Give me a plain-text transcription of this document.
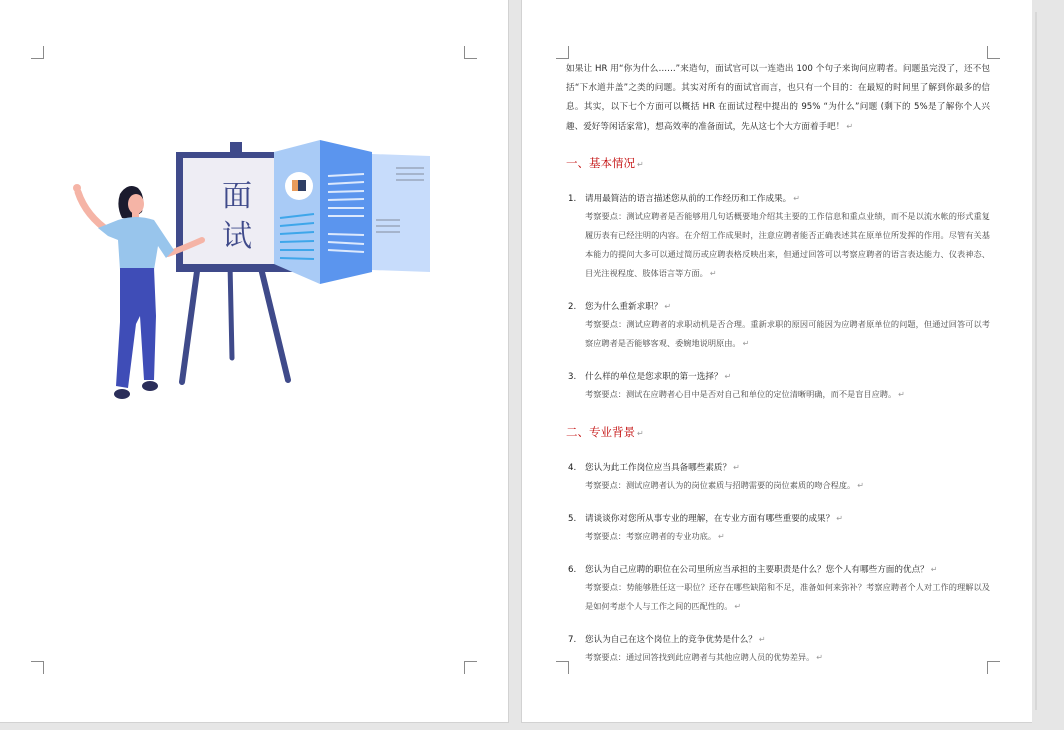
面
试

如果让 HR 用“你为什么……”来造句，面试官可以一连造出 100 个句子来询问应聘者。问题虽完没了，还不包括“下水道井盖”之类的问题。其实对所有的面试官而言，也只有一个目的：在最短的时间里了解到你最多的信息。其实，以下七个方面可以概括 HR 在面试过程中提出的 95% “为什么”问题 (剩下的 5%是了解你个人兴趣、爱好等闲话家常)，想高效率的准备面试，先从这七个大方面着手吧！ ↵

一、基本情况 ↵
1. 请用最简洁的语言描述您从前的工作经历和工作成果。 ↵

考察要点：测试应聘者是否能够用几句话概要地介绍其主要的工作信息和重点业绩，而不是以流水帐的形式重复履历表有已经注明的内容。在介绍工作成果时，注意应聘者能否正确表述其在原单位所发挥的作用。尽管有关基本能力的提问大多可以通过简历或应聘表格反映出来，但通过回答可以考察应聘者的语言表达能力、仪表神态、目光注视程度、肢体语言等方面。 ↵

2. 您为什么重新求职？ ↵

考察要点：测试应聘者的求职动机是否合理。重新求职的原因可能因为应聘者原单位的问题，但通过回答可以考察应聘者是否能够客观、委婉地说明原由。 ↵

3. 什么样的单位是您求职的第一选择？ ↵

考察要点：测试在应聘者心目中是否对自己和单位的定位清晰明确，而不是盲目应聘。 ↵

二、专业背景 ↵
4. 您认为此工作岗位应当具备哪些素质？ ↵

考察要点：测试应聘者认为的岗位素质与招聘需要的岗位素质的吻合程度。 ↵

5. 请谈谈你对您所从事专业的理解，在专业方面有哪些重要的成果？ ↵

考察要点：考察应聘者的专业功底。 ↵

6. 您认为自己应聘的职位在公司里所应当承担的主要职责是什么？您个人有哪些方面的优点？ ↵

考察要点：势能够胜任这一职位？还存在哪些缺陷和不足，准备如何来弥补？考察应聘者个人对工作的理解以及是如何考虑个人与工作之间的匹配性的。 ↵

7. 您认为自己在这个岗位上的竞争优势是什么？ ↵

考察要点：通过回答找到此应聘者与其他应聘人员的优势差异。 ↵
